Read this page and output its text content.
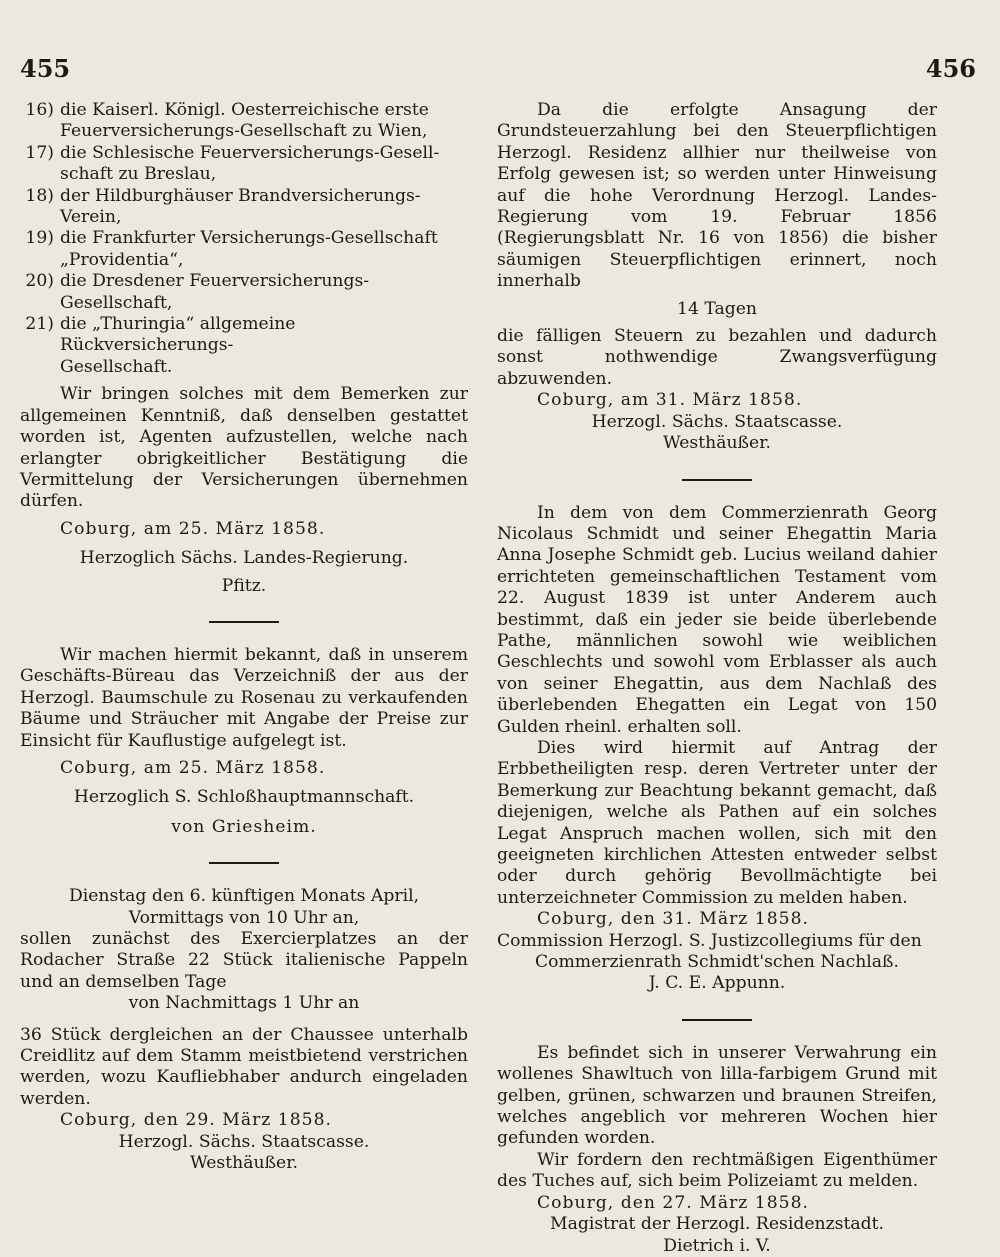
455	456
16) die Kaiserl. Königl. Oesterreichische erste
Feuerversicherungs-Gesellschaft zu Wien,
17) die Schlesische Feuerversicherungs-Gesell-
schaft zu Breslau,
18) der Hildburghäuser Brandversicherungs-
Verein,
19) die Frankfurter Versicherungs-Gesellschaft
„Providentia“,
20) die Dresdener Feuerversicherungs-Gesellschaft,
21) die „Thuringia“ allgemeine Rückversicherungs-
Gesellschaft.

Wir bringen solches mit dem Bemerken zur allgemeinen Kenntniß, daß denselben gestattet worden ist, Agenten aufzustellen, welche nach erlangter obrigkeitlicher Bestätigung die Vermittelung der Versicherungen übernehmen dürfen.

Coburg, am 25. März 1858.

Herzoglich Sächs. Landes-Regierung.

Pfitz.

Wir machen hiermit bekannt, daß in unserem Geschäfts-Büreau das Verzeichniß der aus der Herzogl. Baumschule zu Rosenau zu verkaufenden Bäume und Sträucher mit Angabe der Preise zur Einsicht für Kauflustige aufgelegt ist.

Coburg, am 25. März 1858.

Herzoglich S. Schloßhauptmannschaft.

von Griesheim.

Dienstag den 6. künftigen Monats April,

Vormittags von 10 Uhr an,

sollen zunächst des Exercierplatzes an der Rodacher Straße 22 Stück italienische Pappeln und an demselben Tage

von Nachmittags 1 Uhr an

36 Stück dergleichen an der Chaussee unterhalb Creidlitz auf dem Stamm meistbietend verstrichen werden, wozu Kaufliebhaber andurch eingeladen werden.

Coburg, den 29. März 1858.

Herzogl. Sächs. Staatscasse.

Westhäußer.

Da die erfolgte Ansagung der Grundsteuerzahlung bei den Steuerpflichtigen Herzogl. Residenz allhier nur theilweise von Erfolg gewesen ist; so werden unter Hinweisung auf die hohe Verordnung Herzogl. Landes-Regierung vom 19. Februar 1856 (Regierungsblatt Nr. 16 von 1856) die bisher säumigen Steuerpflichtigen erinnert, noch innerhalb

14 Tagen

die fälligen Steuern zu bezahlen und dadurch sonst nothwendige Zwangsverfügung abzuwenden.

Coburg, am 31. März 1858.

Herzogl. Sächs. Staatscasse.

Westhäußer.

In dem von dem Commerzienrath Georg Nicolaus Schmidt und seiner Ehegattin Maria Anna Josephe Schmidt geb. Lucius weiland dahier errichteten gemeinschaftlichen Testament vom 22. August 1839 ist unter Anderem auch bestimmt, daß ein jeder sie beide überlebende Pathe, männlichen sowohl wie weiblichen Geschlechts und sowohl vom Erblasser als auch von seiner Ehegattin, aus dem Nachlaß des überlebenden Ehegatten ein Legat von 150 Gulden rheinl. erhalten soll.

Dies wird hiermit auf Antrag der Erbbetheiligten resp. deren Vertreter unter der Bemerkung zur Beachtung bekannt gemacht, daß diejenigen, welche als Pathen auf ein solches Legat Anspruch machen wollen, sich mit den geeigneten kirchlichen Attesten entweder selbst oder durch gehörig Bevollmächtigte bei unterzeichneter Commission zu melden haben.

Coburg, den 31. März 1858.

Commission Herzogl. S. Justizcollegiums für den

Commerzienrath Schmidt'schen Nachlaß.

J. C. E. Appunn.

Es befindet sich in unserer Verwahrung ein wollenes Shawltuch von lilla-farbigem Grund mit gelben, grünen, schwarzen und braunen Streifen, welches angeblich vor mehreren Wochen hier gefunden worden.

Wir fordern den rechtmäßigen Eigenthümer des Tuches auf, sich beim Polizeiamt zu melden.

Coburg, den 27. März 1858.

Magistrat der Herzogl. Residenzstadt.

Dietrich i. V.
